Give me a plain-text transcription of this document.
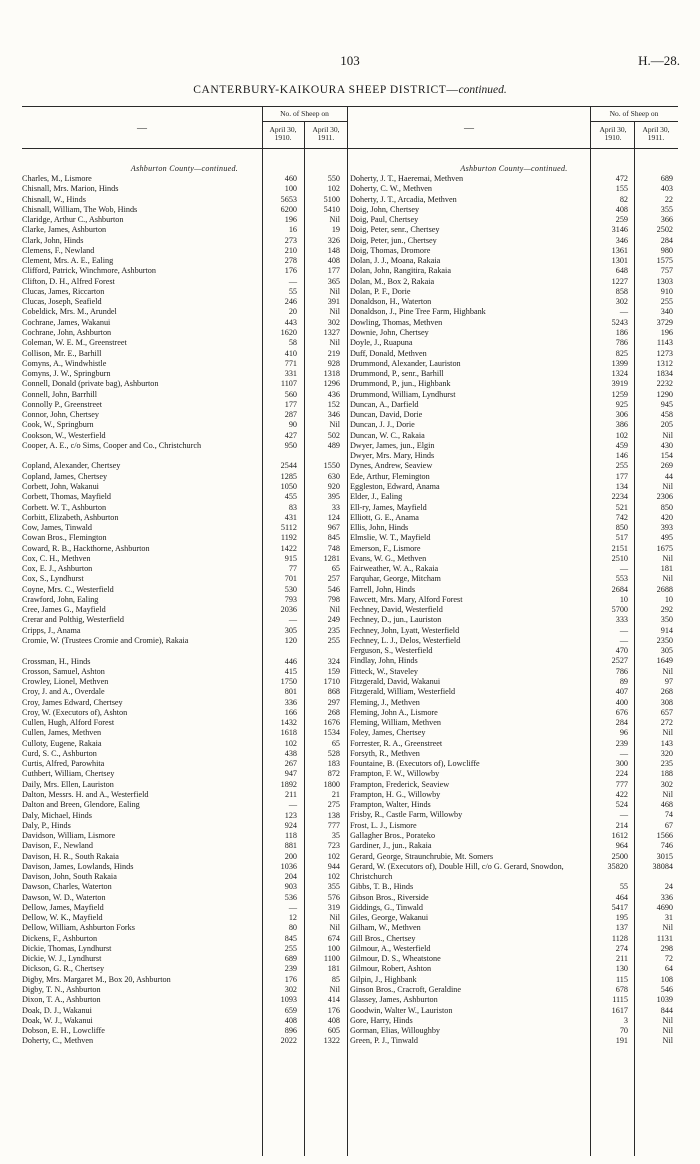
103	H.—28.
CANTERBURY-KAIKOURA SHEEP DISTRICT—continued.
—
No. of Sheep on
April 30, 1910.
April 30, 1911.
—
No. of Sheep on
April 30, 1910.
April 30, 1911.
Ashburton County—continued.
Charles, M., Lismore	460	550
Chisnall, Mrs. Marion, Hinds	100	102
Chisnall, W., Hinds	5653	5100
Chisnall, William, The Wob, Hinds	6200	5410
Claridge, Arthur C., Ashburton	196	Nil
Clarke, James, Ashburton	16	19
Clark, John, Hinds	273	326
Clemens, F., Newland	210	148
Clement, Mrs. A. E., Ealing	278	408
Clifford, Patrick, Winchmore, Ashburton	176	177
Clifton, D. H., Alfred Forest	—	365
Clucas, James, Riccarton	55	Nil
Clucas, Joseph, Seafield	246	391
Cobeldick, Mrs. M., Arundel	20	Nil
Cochrane, James, Wakanui	443	302
Cochrane, John, Ashburton	1620	1327
Coleman, W. E. M., Greenstreet	58	Nil
Collison, Mr. E., Barhill	410	219
Comyns, A., Windwhistle	771	928
Comyns, J. W., Springburn	331	1318
Connell, Donald (private bag), Ashburton	1107	1296
Connell, John, Barrhill	560	436
Connolly P., Greenstreet	177	152
Connor, John, Chertsey	287	346
Cook, W., Springburn	90	Nil
Cookson, W., Westerfield	427	502
Cooper, A. E., c/o Sims, Cooper and Co., Christchurch	950	489
Copland, Alexander, Chertsey	2544	1550
Copland, James, Chertsey	1285	630
Corbett, John, Wakanui	1050	920
Corbett, Thomas, Mayfield	455	395
Corbett. W. T., Ashburton	83	33
Corbitt, Elizabeth, Ashburton	431	124
Cow, James, Tinwald	5112	967
Cowan Bros., Flemington	1192	845
Coward, R. B., Hackthorne, Ashburton	1422	748
Cox, C. H., Methven	915	1281
Cox, E. J., Ashburton	77	65
Cox, S., Lyndhurst	701	257
Coyne, Mrs. C., Westerfield	530	546
Crawford, John, Ealing	793	798
Cree, James G., Mayfield	2036	Nil
Crerar and Polthig, Westerfield	—	249
Cripps, J., Anama	305	235
Cromie, W. (Trustees Cromie and Cromie), Rakaia	120	255
Crossman, H., Hinds	446	324
Crosson, Samuel, Ashton	415	159
Crowley, Lionel, Methven	1750	1710
Croy, J. and A., Overdale	801	868
Croy, James Edward, Chertsey	336	297
Croy, W. (Executors of), Ashton	166	268
Cullen, Hugh, Alford Forest	1432	1676
Cullen, James, Methven	1618	1534
Culloty, Eugene, Rakaia	102	65
Curd, S. C., Ashburton	438	528
Curtis, Alfred, Parowhita	267	183
Cuthbert, William, Chertsey	947	872
Daily, Mrs. Ellen, Lauriston	1892	1800
Dalton, Messrs. H. and A., Westerfield	211	21
Dalton and Breen, Glendore, Ealing	—	275
Daly, Michael, Hinds	123	138
Daly, P., Hinds	924	777
Davidson, William, Lismore	118	35
Davison, F., Newland	881	723
Davison, H. R., South Rakaia	200	102
Davison, James, Lowlands, Hinds	1036	944
Davison, John, South Rakaia	204	102
Dawson, Charles, Waterton	903	355
Dawson, W. D., Waterton	536	576
Dellow, James, Mayfield	—	319
Dellow, W. K., Mayfield	12	Nil
Dellow, William, Ashburton Forks	80	Nil
Dickens, F., Ashburton	845	674
Dickie, Thomas, Lyndhurst	255	100
Dickie, W. J., Lyndhurst	689	1100
Dickson, G. R., Chertsey	239	181
Digby, Mrs. Margaret M., Box 20, Ashburton	176	85
Digby, T. N., Ashburton	302	Nil
Dixon, T. A., Ashburton	1093	414
Doak, D. J., Wakanui	659	176
Doak, W. J., Wakanui	408	408
Dobson, E. H., Lowcliffe	896	605
Doherty, C., Methven	2022	1322
Ashburton County—continued.
Doherty, J. T., Haeremai, Methven	472	689
Doherty, C. W., Methven	155	403
Doherty, J. T., Arcadia, Methven	82	22
Doig, John, Chertsey	408	355
Doig, Paul, Chertsey	259	366
Doig, Peter, senr., Chertsey	3146	2502
Doig, Peter, jun., Chertsey	346	284
Doig, Thomas, Dromore	1361	980
Dolan, J. J., Moana, Rakaia	1301	1575
Dolan, John, Rangitira, Rakaia	648	757
Dolan, M., Box 2, Rakaia	1227	1303
Dolan, P. F., Dorie	858	910
Donaldson, H., Waterton	302	255
Donaldson, J., Pine Tree Farm, Highbank	—	340
Dowling, Thomas, Methven	5243	3729
Downie, John, Chertsey	186	196
Doyle, J., Ruapuna	786	1143
Duff, Donald, Methven	825	1273
Drummond, Alexander, Lauriston	1399	1312
Drummond, P., senr., Barhill	1324	1834
Drummond, P., jun., Highbank	3919	2232
Drummond, William, Lyndhurst	1259	1290
Duncan, A., Darfield	925	945
Duncan, David, Dorie	306	458
Duncan, J. J., Dorie	386	205
Duncan, W. C., Rakaia	102	Nil
Dwyer, James, jun., Elgin	459	430
Dwyer, Mrs. Mary, Hinds	146	154
Dynes, Andrew, Seaview	255	269
Ede, Arthur, Flemington	177	44
Eggleston, Edward, Anama	134	Nil
Elder, J., Ealing	2234	2306
Ell-ry, James, Mayfield	521	850
Elliott, G. E., Anama	742	420
Ellis, John, Hinds	850	393
Elmslie, W. T., Mayfield	517	495
Emerson, F., Lismore	2151	1675
Evans, W. G., Methven	2510	Nil
Fairweather, W. A., Rakaia	—	181
Farquhar, George, Mitcham	553	Nil
Farrell, John, Hinds	2684	2688
Fawcett, Mrs. Mary, Alford Forest	10	10
Fechney, David, Westerfield	5700	292
Fechney, D., jun., Lauriston	333	350
Fechney, John, Lyatt, Westerfield	—	914
Fechney, L. J., Delos, Westerfield	—	2350
Ferguson, S., Westerfield	470	305
Findlay, John, Hinds	2527	1649
Fitteck, W., Staveley	786	Nil
Fitzgerald, David, Wakanui	89	97
Fitzgerald, William, Westerfield	407	268
Fleming, J., Methven	400	308
Fleming, John A., Lismore	676	657
Fleming, William, Methven	284	272
Foley, James, Chertsey	96	Nil
Forrester, R. A., Greenstreet	239	143
Forsyth, R., Methven	—	320
Fountaine, B. (Executors of), Lowcliffe	300	235
Frampton, F. W., Willowby	224	188
Frampton, Frederick, Seaview	777	302
Frampton, H. G., Willowby	422	Nil
Frampton, Walter, Hinds	524	468
Frisby, R., Castle Farm, Willowby	—	74
Frost, L. J., Lismore	214	67
Gallagher Bros., Porateko	1612	1566
Gardiner, J., jun., Rakaia	964	746
Gerard, George, Straunchrubie, Mt. Somers	2500	3015
Gerard, W. (Executors of), Double Hill, c/o G. Gerard, Snowdon, Christchurch
35820	38084
Gibbs, T. B., Hinds	55	24
Gibson Bros., Riverside	464	336
Giddings, G., Tinwald	5417	4690
Giles, George, Wakanui	195	31
Gilham, W., Methven	137	Nil
Gill Bros., Chertsey	1128	1131
Gilmour, A., Westerfield	274	298
Gilmour, D. S., Wheatstone	211	72
Gilmour, Robert, Ashton	130	64
Gilpin, J., Highbank	115	108
Ginson Bros., Cracroft, Geraldine	678	546
Glassey, James, Ashburton	1115	1039
Goodwin, Walter W., Lauriston	1617	844
Gore, Harry, Hinds	3	Nil
Gorman, Elias, Willoughby	70	Nil
Green, P. J., Tinwald	191	Nil
